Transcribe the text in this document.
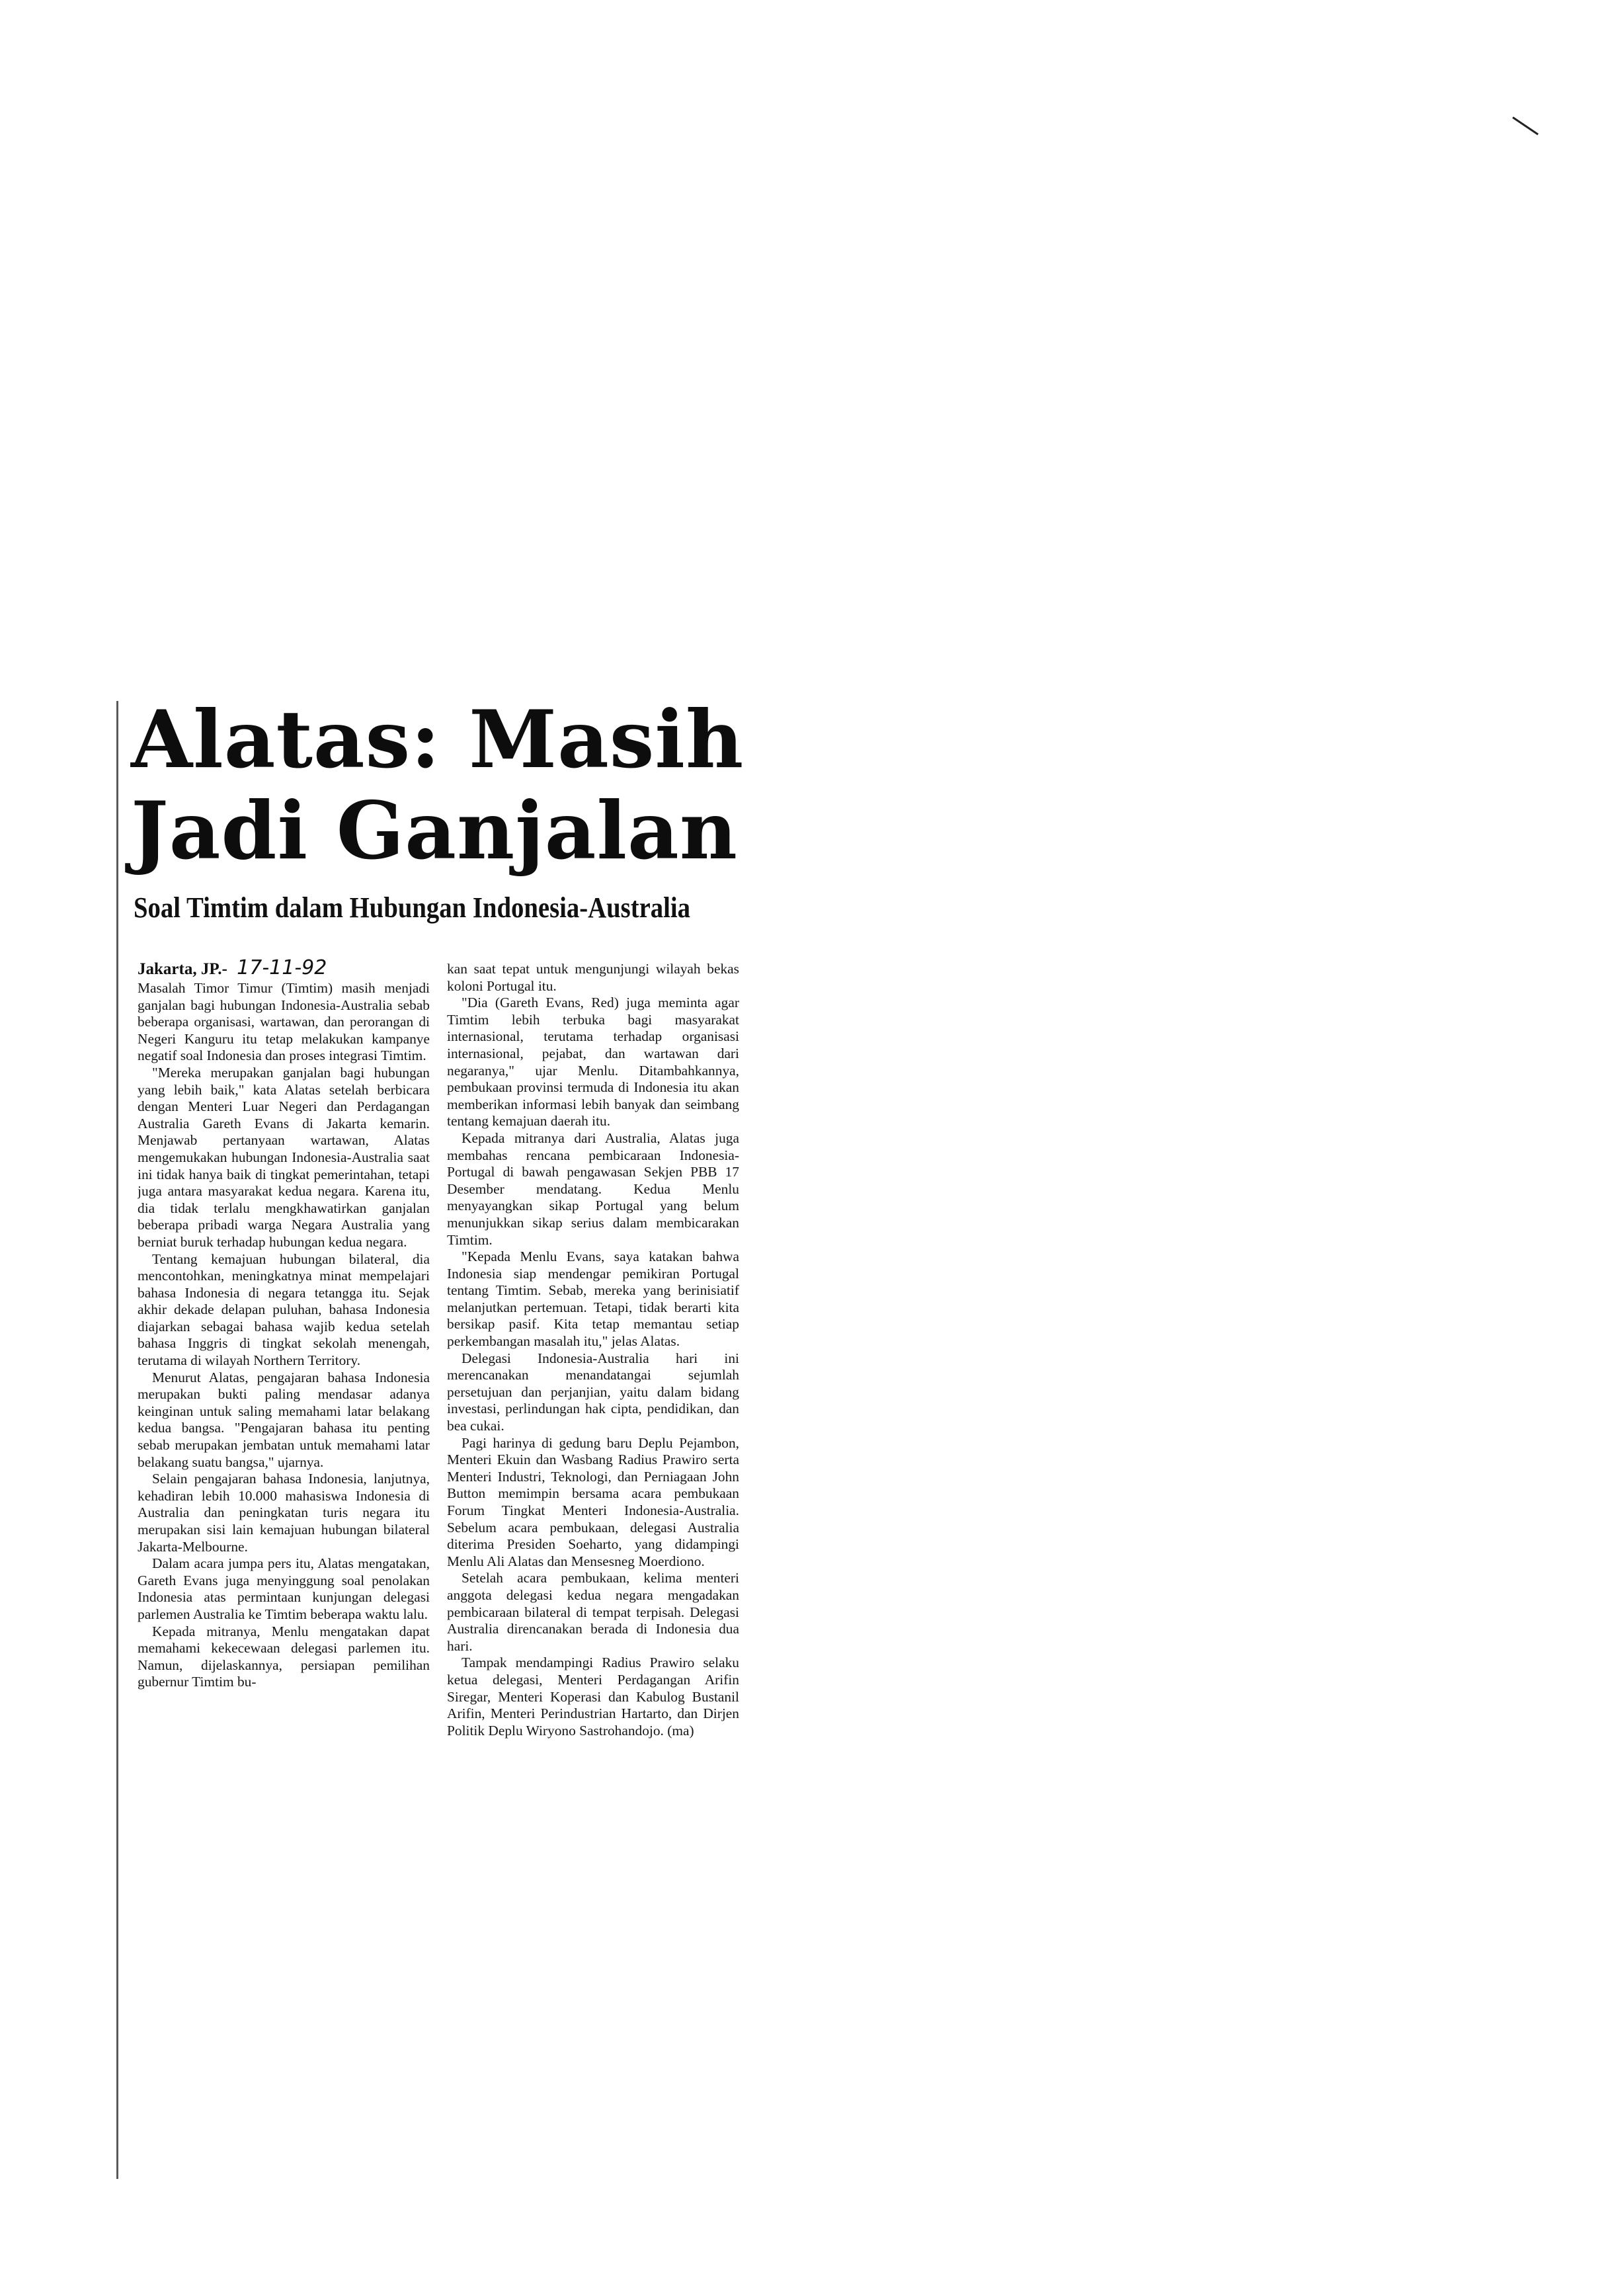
Alatas: Masih
Jadi Ganjalan
Soal Timtim dalam Hubungan Indonesia-Australia
Jakarta, JP.- 17-11-92

Masalah Timor Timur (Timtim) masih menjadi ganjalan bagi hubungan Indonesia-Australia sebab beberapa organisasi, wartawan, dan perorangan di Negeri Kanguru itu tetap melakukan kampanye negatif soal Indonesia dan proses integrasi Timtim.

"Mereka merupakan ganjalan bagi hubungan yang lebih baik," kata Alatas setelah berbicara dengan Menteri Luar Negeri dan Perdagangan Australia Gareth Evans di Jakarta kemarin. Menjawab pertanyaan wartawan, Alatas mengemukakan hubungan Indonesia-Australia saat ini tidak hanya baik di tingkat pemerintahan, tetapi juga antara masyarakat kedua negara. Karena itu, dia tidak terlalu mengkhawatirkan ganjalan beberapa pribadi warga Negara Australia yang berniat buruk terhadap hubungan kedua negara.

Tentang kemajuan hubungan bilateral, dia mencontohkan, meningkatnya minat mempelajari bahasa Indonesia di negara tetangga itu. Sejak akhir dekade delapan puluhan, bahasa Indonesia diajarkan sebagai bahasa wajib kedua setelah bahasa Inggris di tingkat sekolah menengah, terutama di wilayah Northern Territory.

Menurut Alatas, pengajaran bahasa Indonesia merupakan bukti paling mendasar adanya keinginan untuk saling memahami latar belakang kedua bangsa. "Pengajaran bahasa itu penting sebab merupakan jembatan untuk memahami latar belakang suatu bangsa," ujarnya.

Selain pengajaran bahasa Indonesia, lanjutnya, kehadiran lebih 10.000 mahasiswa Indonesia di Australia dan peningkatan turis negara itu merupakan sisi lain kemajuan hubungan bilateral Jakarta-Melbourne.

Dalam acara jumpa pers itu, Alatas mengatakan, Gareth Evans juga menyinggung soal penolakan Indonesia atas permintaan kunjungan delegasi parlemen Australia ke Timtim beberapa waktu lalu.

Kepada mitranya, Menlu mengatakan dapat memahami kekecewaan delegasi parlemen itu. Namun, dijelaskannya, persiapan pemilihan gubernur Timtim bu-

kan saat tepat untuk mengunjungi wilayah bekas koloni Portugal itu.

"Dia (Gareth Evans, Red) juga meminta agar Timtim lebih terbuka bagi masyarakat internasional, terutama terhadap organisasi internasional, pejabat, dan wartawan dari negaranya," ujar Menlu. Ditambahkannya, pembukaan provinsi termuda di Indonesia itu akan memberikan informasi lebih banyak dan seimbang tentang kemajuan daerah itu.

Kepada mitranya dari Australia, Alatas juga membahas rencana pembicaraan Indonesia-Portugal di bawah pengawasan Sekjen PBB 17 Desember mendatang. Kedua Menlu menyayangkan sikap Portugal yang belum menunjukkan sikap serius dalam membicarakan Timtim.

"Kepada Menlu Evans, saya katakan bahwa Indonesia siap mendengar pemikiran Portugal tentang Timtim. Sebab, mereka yang berinisiatif melanjutkan pertemuan. Tetapi, tidak berarti kita bersikap pasif. Kita tetap memantau setiap perkembangan masalah itu," jelas Alatas.

Delegasi Indonesia-Australia hari ini merencanakan menandatangai sejumlah persetujuan dan perjanjian, yaitu dalam bidang investasi, perlindungan hak cipta, pendidikan, dan bea cukai.

Pagi harinya di gedung baru Deplu Pejambon, Menteri Ekuin dan Wasbang Radius Prawiro serta Menteri Industri, Teknologi, dan Perniagaan John Button memimpin bersama acara pembukaan Forum Tingkat Menteri Indonesia-Australia. Sebelum acara pembukaan, delegasi Australia diterima Presiden Soeharto, yang didampingi Menlu Ali Alatas dan Mensesneg Moerdiono.

Setelah acara pembukaan, kelima menteri anggota delegasi kedua negara mengadakan pembicaraan bilateral di tempat terpisah. Delegasi Australia direncanakan berada di Indonesia dua hari.

Tampak mendampingi Radius Prawiro selaku ketua delegasi, Menteri Perdagangan Arifin Siregar, Menteri Koperasi dan Kabulog Bustanil Arifin, Menteri Perindustrian Hartarto, dan Dirjen Politik Deplu Wiryono Sastrohandojo. (ma)
